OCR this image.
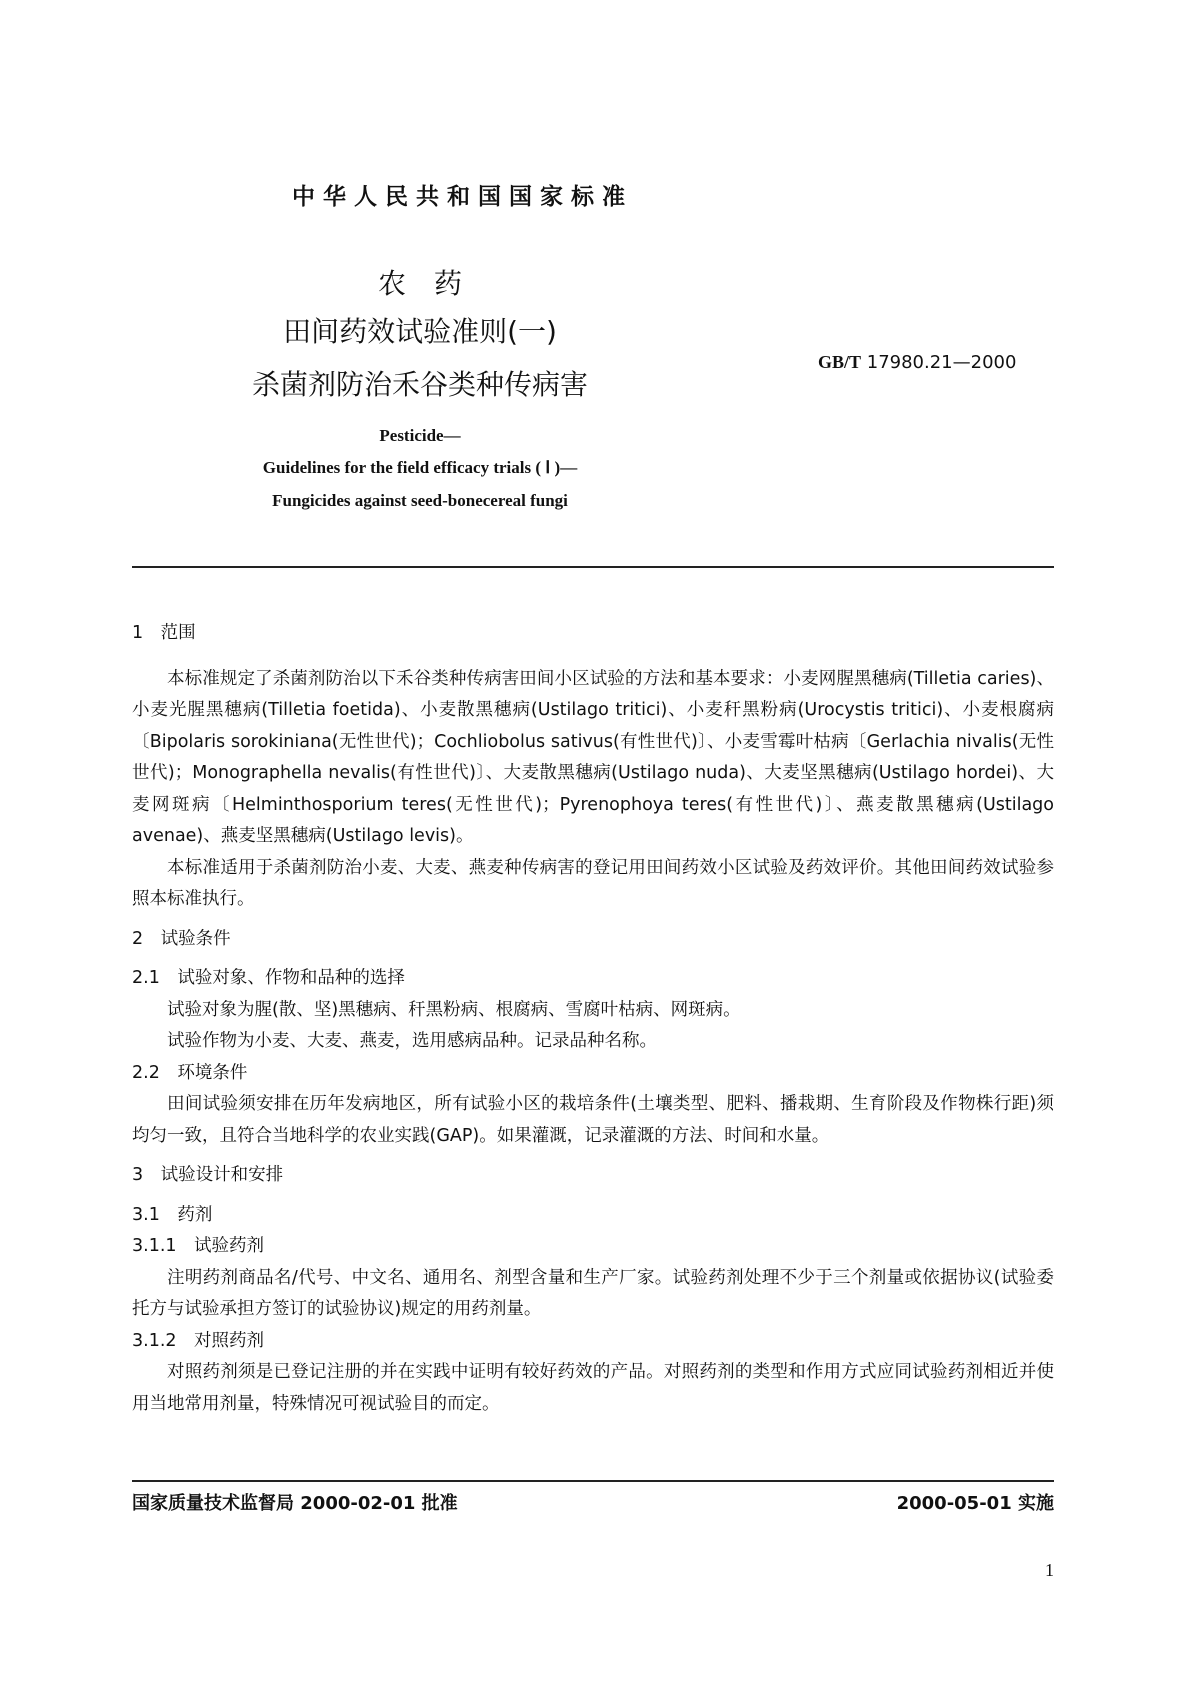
中华人民共和国国家标准
农　药
田间药效试验准则(一)
杀菌剂防治禾谷类种传病害
GB/T 17980.21—2000
Pesticide—
Guidelines for the field efficacy trials ( Ⅰ )—
Fungicides against seed-bonecereal fungi

1　范围

本标准规定了杀菌剂防治以下禾谷类种传病害田间小区试验的方法和基本要求：小麦网腥黑穗病(Tilletia caries)、小麦光腥黑穗病(Tilletia foetida)、小麦散黑穗病(Ustilago tritici)、小麦秆黑粉病(Urocystis tritici)、小麦根腐病〔Bipolaris sorokiniana(无性世代)；Cochliobolus sativus(有性世代)〕、小麦雪霉叶枯病〔Gerlachia nivalis(无性世代)；Monographella nevalis(有性世代)〕、大麦散黑穗病(Ustilago nuda)、大麦坚黑穗病(Ustilago hordei)、大麦网斑病〔Helminthosporium teres(无性世代)；Pyrenophoya teres(有性世代)〕、燕麦散黑穗病(Ustilago avenae)、燕麦坚黑穗病(Ustilago levis)。

本标准适用于杀菌剂防治小麦、大麦、燕麦种传病害的登记用田间药效小区试验及药效评价。其他田间药效试验参照本标准执行。

2　试验条件

2.1　试验对象、作物和品种的选择

试验对象为腥(散、坚)黑穗病、秆黑粉病、根腐病、雪腐叶枯病、网斑病。

试验作物为小麦、大麦、燕麦，选用感病品种。记录品种名称。

2.2　环境条件

田间试验须安排在历年发病地区，所有试验小区的栽培条件(土壤类型、肥料、播栽期、生育阶段及作物株行距)须均匀一致，且符合当地科学的农业实践(GAP)。如果灌溉，记录灌溉的方法、时间和水量。

3　试验设计和安排

3.1　药剂

3.1.1　试验药剂

注明药剂商品名/代号、中文名、通用名、剂型含量和生产厂家。试验药剂处理不少于三个剂量或依据协议(试验委托方与试验承担方签订的试验协议)规定的用药剂量。

3.1.2　对照药剂

对照药剂须是已登记注册的并在实践中证明有较好药效的产品。对照药剂的类型和作用方式应同试验药剂相近并使用当地常用剂量，特殊情况可视试验目的而定。

国家质量技术监督局 2000-02-01 批准	2000-05-01 实施
1
